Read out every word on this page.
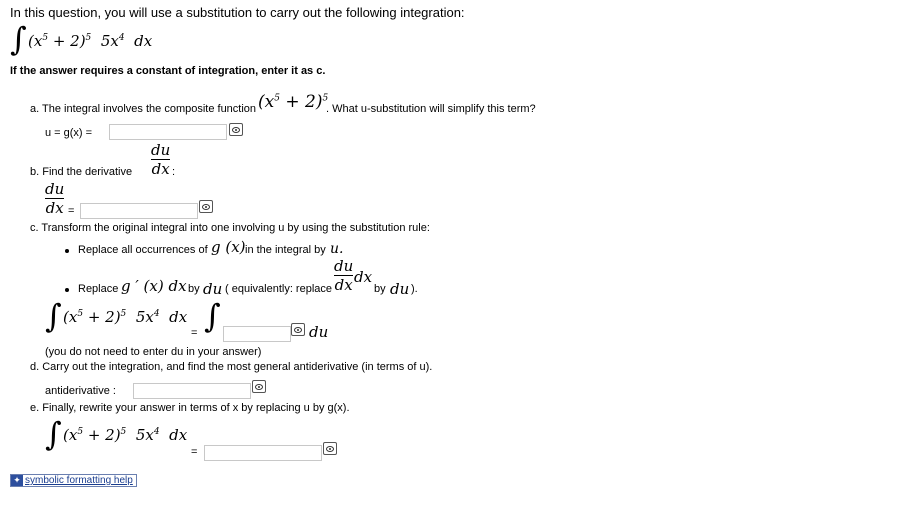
In this question, you will use a substitution to carry out the following integration:
∫ $(x^5 + 2)^5$  $5x^4$  dx
If the answer requires a constant of integration, enter it as c.
a. The integral involves the composite function $(x^5 + 2)^5$
. What u-substitution will simplify this term?
u = g(x) =
du
dx
b. Find the derivative	:
du
dx =
c. Transform the original integral into one involving u by using the substitution rule:
Replace all occurrences of g (x) in the integral by u.
du
dx dx
Replace g ′ (x) dx by du ( equivalently: replace	by du ).
∫ $(x^5 + 2)^5$  $5x^4$  dx
= ∫	du
(you do not need to enter du in your answer)
d. Carry out the integration, and find the most general antiderivative (in terms of u).
antiderivative :
e. Finally, rewrite your answer in terms of x by replacing u by g(x).
∫ $(x^5 + 2)^5$  $5x^4$  dx
=
✦ symbolic formatting help
